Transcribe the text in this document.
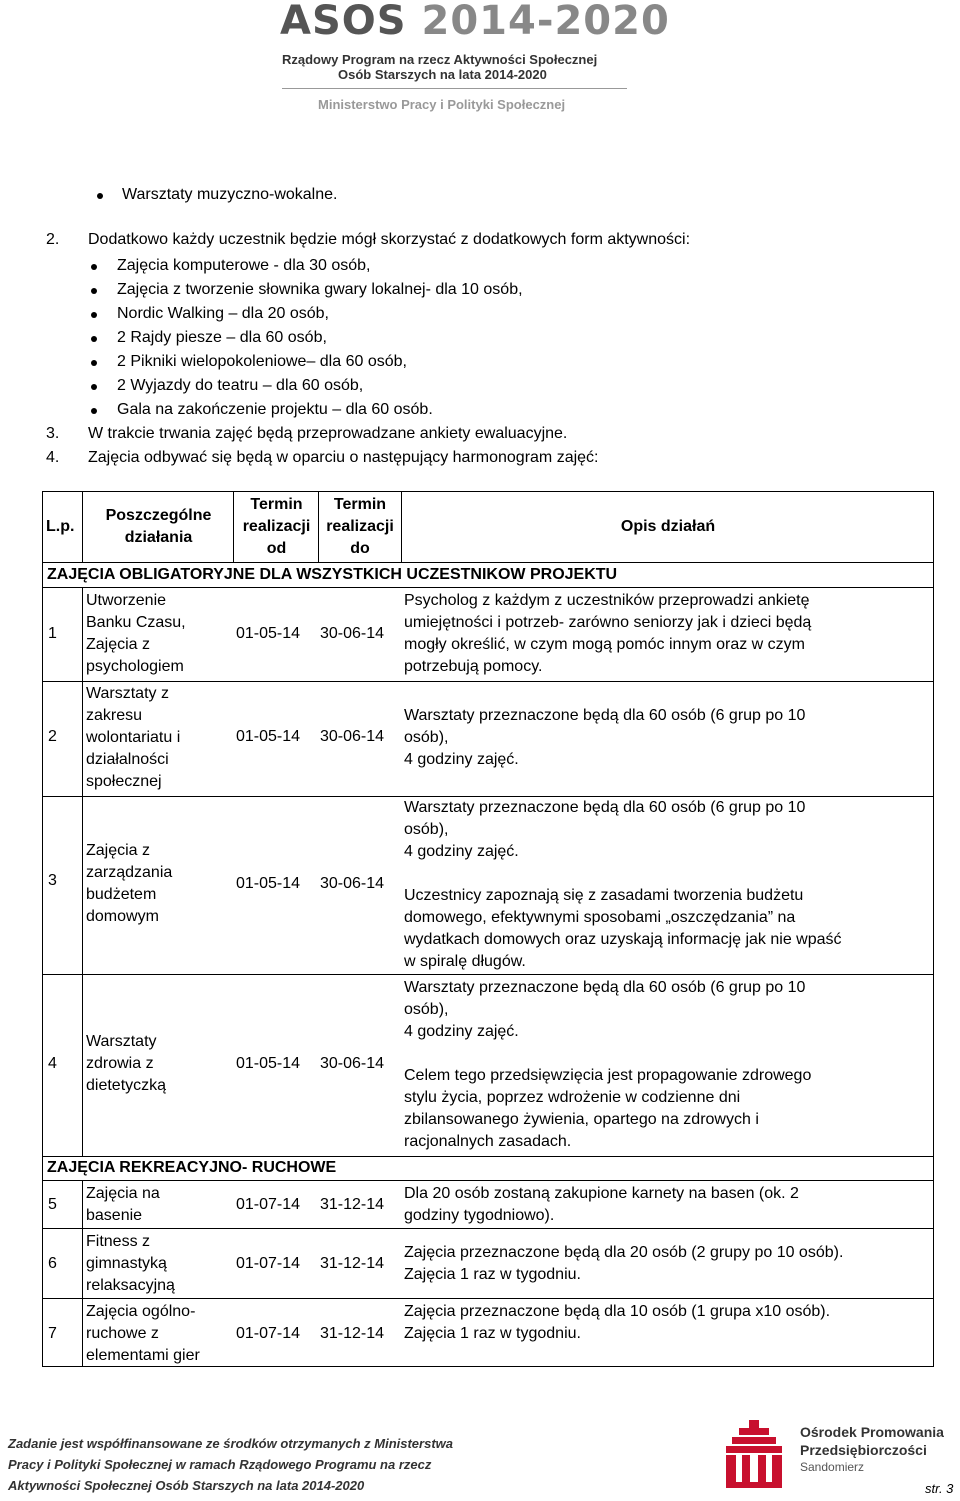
ASOS 2014-2020
Rządowy Program na rzecz Aktywności Społecznej
Osób Starszych na lata 2014-2020
Ministerstwo Pracy i Polityki Społecznej
Warsztaty muzyczno-wokalne.
2. Dodatkowo każdy uczestnik będzie mógł skorzystać z dodatkowych form aktywności:
Zajęcia komputerowe - dla 30 osób,
Zajęcia z tworzenie słownika gwary lokalnej- dla 10 osób,
Nordic Walking – dla 20 osób,
2 Rajdy piesze – dla 60 osób,
2 Pikniki wielopokoleniowe– dla 60 osób,
2 Wyjazdy do teatru – dla 60 osób,
Gala na zakończenie projektu – dla 60 osób.
3. W trakcie trwania zajęć będą przeprowadzane ankiety ewaluacyjne.
4. Zajęcia odbywać się będą w oparciu o następujący harmonogram zajęć:
L.p.
Poszczególne
działania
Termin
realizacji
od
Termin
realizacji
do
Opis działań
ZAJĘCIA OBLIGATORYJNE DLA WSZYSTKICH UCZESTNIKOW PROJEKTU
1
Utworzenie
Banku Czasu,
Zajęcia z
psychologiem
01-05-14 30-06-14
Psycholog z każdym z uczestników przeprowadzi ankietę
umiejętności i potrzeb- zarówno seniorzy jak i dzieci będą
mogły określić, w czym mogą pomóc innym oraz w czym
potrzebują pomocy.
2
Warsztaty z
zakresu
wolontariatu i
działalności
społecznej
01-05-14 30-06-14
Warsztaty przeznaczone będą dla 60 osób (6 grup po 10
osób),
4 godziny zajęć.
3
Zajęcia z
zarządzania
budżetem
domowym
01-05-14 30-06-14
Warsztaty przeznaczone będą dla 60 osób (6 grup po 10
osób),
4 godziny zajęć.

Uczestnicy zapoznają się z zasadami tworzenia budżetu
domowego, efektywnymi sposobami „oszczędzania” na
wydatkach domowych oraz uzyskają informację jak nie wpaść
w spiralę długów.
4
Warsztaty
zdrowia z
dietetyczką
01-05-14 30-06-14
Warsztaty przeznaczone będą dla 60 osób (6 grup po 10
osób),
4 godziny zajęć.

Celem tego przedsięwzięcia jest propagowanie zdrowego
stylu życia, poprzez wdrożenie w codzienne dni
zbilansowanego żywienia, opartego na zdrowych i
racjonalnych zasadach.
ZAJĘCIA REKREACYJNO- RUCHOWE
5
Zajęcia na
basenie
01-07-14 31-12-14
Dla 20 osób zostaną zakupione karnety na basen (ok. 2
godziny tygodniowo).
6
Fitness z
gimnastyką
relaksacyjną
01-07-14 31-12-14
Zajęcia przeznaczone będą dla 20 osób (2 grupy po 10 osób).
Zajęcia 1 raz w tygodniu.
7
Zajęcia ogólno-
ruchowe z
elementami gier
01-07-14 31-12-14
Zajęcia przeznaczone będą dla 10 osób (1 grupa x10 osób).
Zajęcia 1 raz w tygodniu.
Zadanie jest współfinansowane ze środków otrzymanych z Ministerstwa
Pracy i Polityki Społecznej w ramach Rządowego Programu na rzecz
Aktywności Społecznej Osób Starszych na lata 2014-2020
Ośrodek Promowania
Przedsiębiorczości
Sandomierz
str. 3
